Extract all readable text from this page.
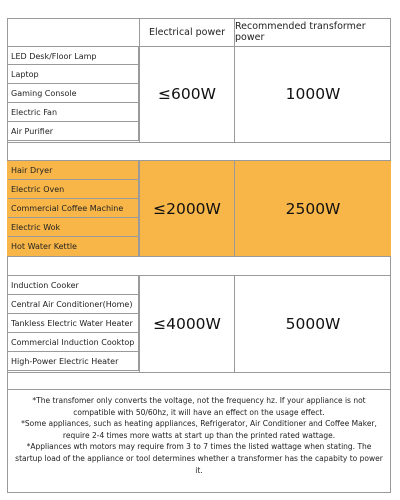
Electrical power	Recommended transformer power
LED Desk/Floor Lamp
Laptop
Gaming Console
Electric Fan
Air Purifier
≤600W	1000W
Hair Dryer
Electric Oven
Commercial Coffee Machine
Electric Wok
Hot Water Kettle
≤2000W	2500W
Induction Cooker
Central Air Conditioner(Home)
Tankless Electric Water Heater
Commercial Induction Cooktop
High-Power Electric Heater
≤4000W	5000W
*The transfomer only converts the voltage, not the frequency hz. If your appliance is not compatible with 50/60hz, it will have an effect on the usage effect.
*Some appliances, such as heating appliances, Refrigerator, Air Conditioner and Coffee Maker, require 2-4 times more watts at start up than the printed rated wattage.
*Appliances wth motors may require from 3 to 7 times the listed wattage when stating. The startup load of the appliance or tool determines whether a transformer has the capabity to power it.
